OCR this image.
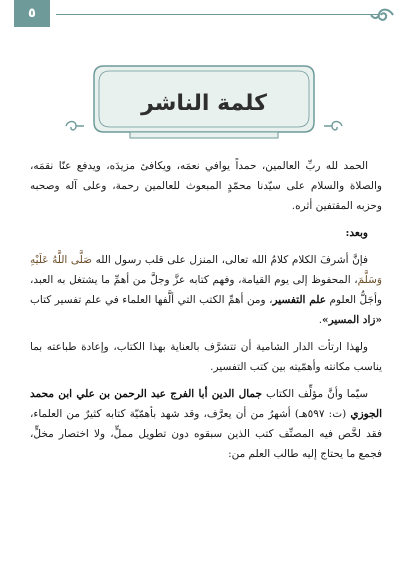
٥
كلمة الناشر

الحمد لله ربِّ العالمين، حمداً يوافي نعمَه، ويكافئ مزيدَه، ويدفع عنّا نقمَه، والصلاة والسلام على سيّدنا محمّدٍ المبعوث للعالمين رحمة، وعلى آله وصحبه وحزبه المقتفين أثره.

وبعد:

فإنَّ أشرفَ الكلام كلامُ الله تعالى، المنزل على قلب رسول الله صَلَّى اللَّهُ عَلَيْهِ وَسَلَّمَ، المحفوظ إلى يوم القيامة، وفهم كتابه عزَّ وجلَّ من أهمِّ ما يشتغل به العبد، وأجَلُّ العلوم علم التفسير، ومن أهمِّ الكتب التي ألَّفها العلماء في علم تفسير كتاب «زاد المسير».

ولهذا ارتأت الدار الشامية أن تتشرَّف بالعناية بهذا الكتاب، وإعادة طباعته بما يناسب مكانته وأهمّيته بين كتب التفسير.

سيّما وأنَّ مؤلِّف الكتاب جمال الدين أبا الفرج عبد الرحمن بن علي ابن محمد الجوزي (ت: ٥٩٧هـ) أشهرُ من أن يعرَّف، وقد شهد بأهمّيّة كتابه كثيرٌ من العلماء، فقد لخَّص فيه المصنِّف كتب الذين سبقوه دون تطويل مملٍّ، ولا اختصار مخلٍّ، فجمع ما يحتاج إليه طالب العلم من:
